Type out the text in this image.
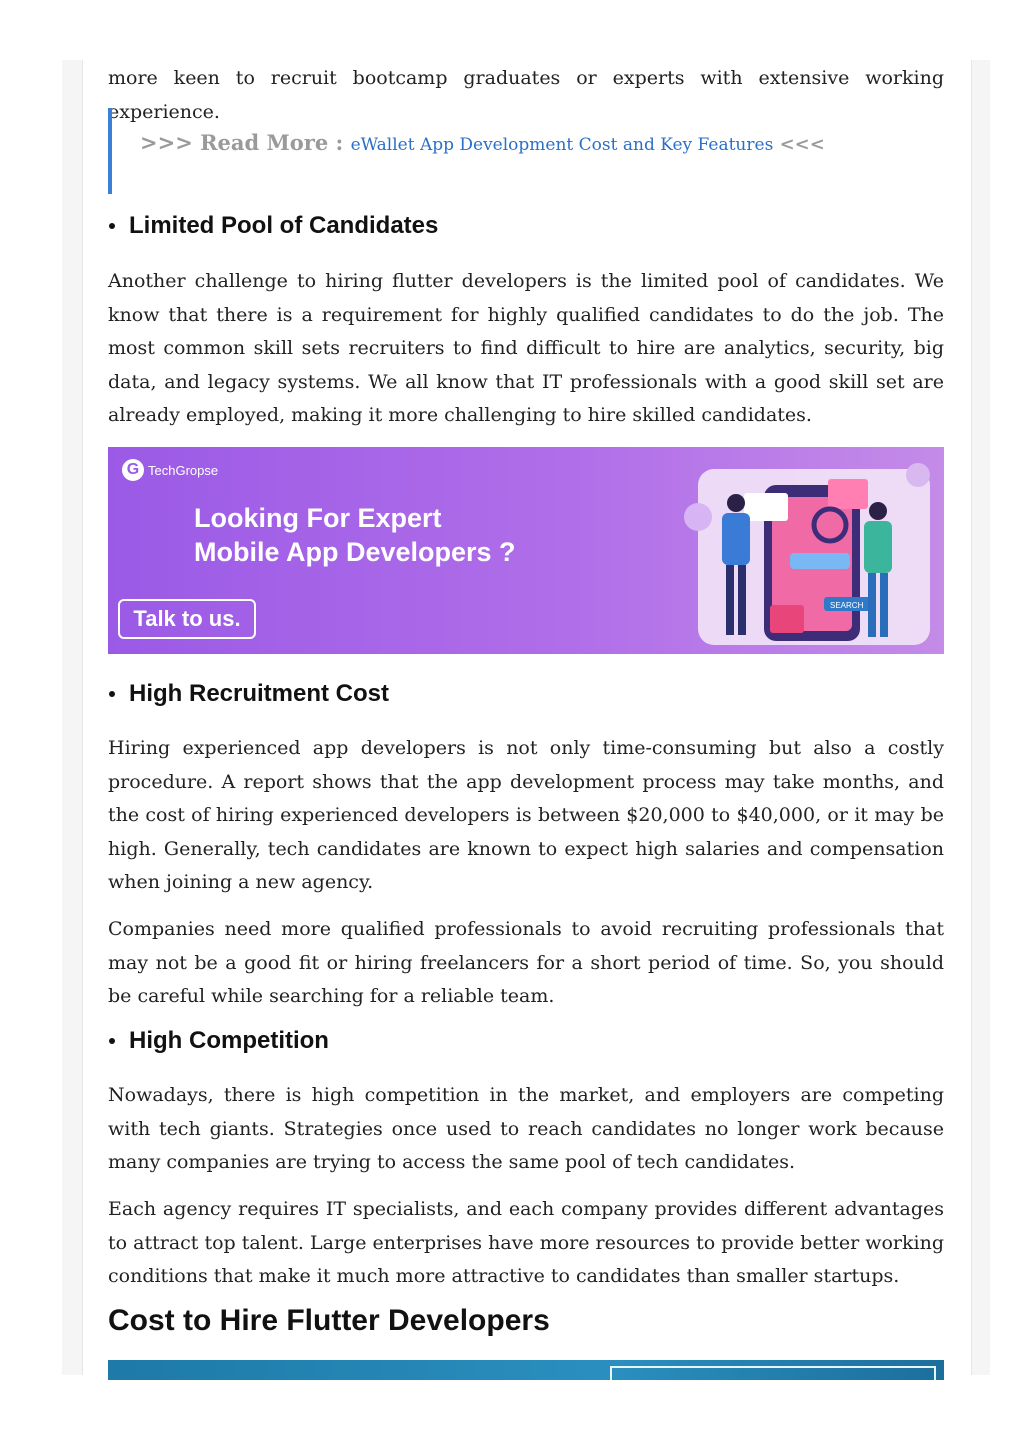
more keen to recruit bootcamp graduates or experts with extensive working experience.

>>> Read More : eWallet App Development Cost and Key Features <<<
Limited Pool of Candidates

Another challenge to hiring flutter developers is the limited pool of candidates. We know that there is a requirement for highly qualified candidates to do the job. The most common skill sets recruiters to find difficult to hire are analytics, security, big data, and legacy systems. We all know that IT professionals with a good skill set are already employed, making it more challenging to hire skilled candidates.

G TechGropse
Looking For Expert
Mobile App Developers ?
Talk to us.
SEARCH
High Recruitment Cost

Hiring experienced app developers is not only time-consuming but also a costly procedure. A report shows that the app development process may take months, and the cost of hiring experienced developers is between $20,000 to $40,000, or it may be high. Generally, tech candidates are known to expect high salaries and compensation when joining a new agency.

Companies need more qualified professionals to avoid recruiting professionals that may not be a good fit or hiring freelancers for a short period of time. So, you should be careful while searching for a reliable team.

High Competition

Nowadays, there is high competition in the market, and employers are competing with tech giants. Strategies once used to reach candidates no longer work because many companies are trying to access the same pool of tech candidates.

Each agency requires IT specialists, and each company provides different advantages to attract top talent. Large enterprises have more resources to provide better working conditions that make it much more attractive to candidates than smaller startups.

Cost to Hire Flutter Developers
